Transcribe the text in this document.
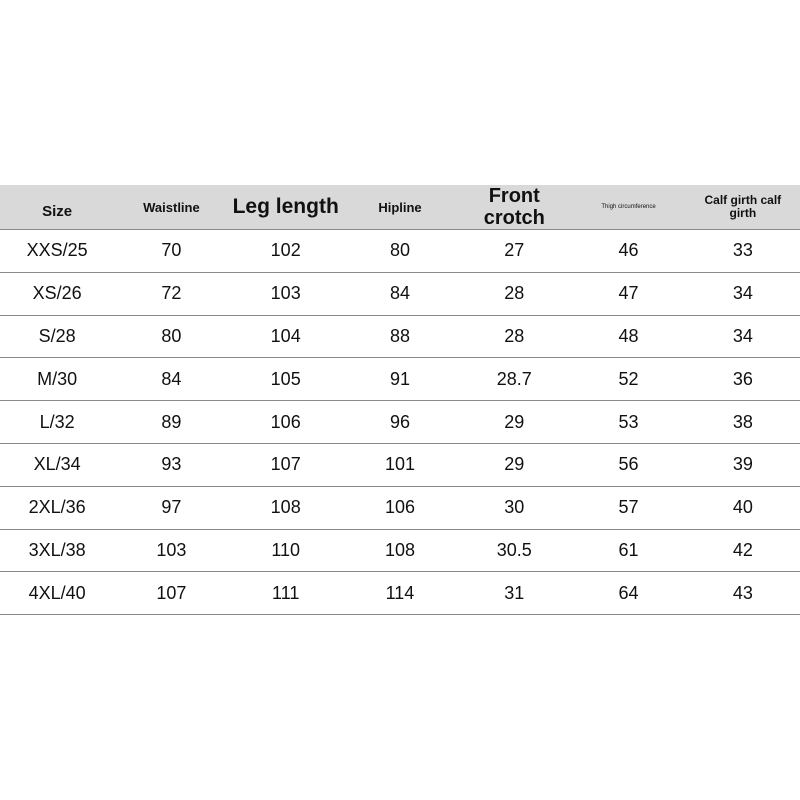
Size	Waistline	Leg length	Hipline	Front crotch	Thigh circumference	Calf girth calf girth
XXS/25	70	102	80	27	46	33
XS/26	72	103	84	28	47	34
S/28	80	104	88	28	48	34
M/30	84	105	91	28.7	52	36
L/32	89	106	96	29	53	38
XL/34	93	107	101	29	56	39
2XL/36	97	108	106	30	57	40
3XL/38	103	110	108	30.5	61	42
4XL/40	107	111	114	31	64	43
